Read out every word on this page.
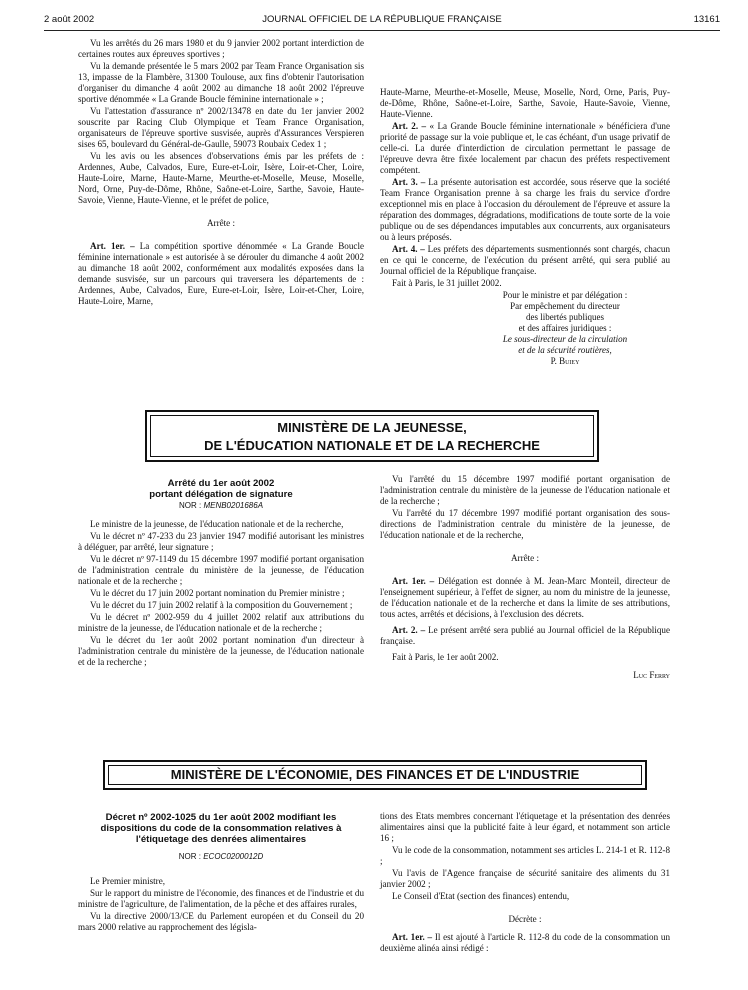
2 août 2002	JOURNAL OFFICIEL DE LA RÉPUBLIQUE FRANÇAISE	13161

Vu les arrêtés du 26 mars 1980 et du 9 janvier 2002 portant interdiction de certaines routes aux épreuves sportives ;

Vu la demande présentée le 5 mars 2002 par Team France Organisation sis 13, impasse de la Flambère, 31300 Toulouse, aux fins d'obtenir l'autorisation d'organiser du dimanche 4 août 2002 au dimanche 18 août 2002 l'épreuve sportive dénommée « La Grande Boucle féminine internationale » ;

Vu l'attestation d'assurance nº 2002/13478 en date du 1er janvier 2002 souscrite par Racing Club Olympique et Team France Organisation, organisateurs de l'épreuve sportive susvisée, auprès d'Assurances Verspieren sises 65, boulevard du Général-de-Gaulle, 59073 Roubaix Cedex 1 ;

Vu les avis ou les absences d'observations émis par les préfets de : Ardennes, Aube, Calvados, Eure, Eure-et-Loir, Isère, Loir-et-Cher, Loire, Haute-Loire, Marne, Haute-Marne, Meurthe-et-Moselle, Meuse, Moselle, Nord, Orne, Puy-de-Dôme, Rhône, Saône-et-Loire, Sarthe, Savoie, Haute-Savoie, Vienne, Haute-Vienne, et le préfet de police,

Arrête :

Art. 1er. – La compétition sportive dénommée « La Grande Boucle féminine internationale » est autorisée à se dérouler du dimanche 4 août 2002 au dimanche 18 août 2002, conformément aux modalités exposées dans la demande susvisée, sur un parcours qui traversera les départements de : Ardennes, Aube, Calvados, Eure, Eure-et-Loir, Isère, Loir-et-Cher, Loire, Haute-Loire, Marne,

Haute-Marne, Meurthe-et-Moselle, Meuse, Moselle, Nord, Orne, Paris, Puy-de-Dôme, Rhône, Saône-et-Loire, Sarthe, Savoie, Haute-Savoie, Vienne, Haute-Vienne.

Art. 2. – « La Grande Boucle féminine internationale » bénéficiera d'une priorité de passage sur la voie publique et, le cas échéant, d'un usage privatif de celle-ci. La durée d'interdiction de circulation permettant le passage de l'épreuve devra être fixée localement par chacun des préfets respectivement compétent.

Art. 3. – La présente autorisation est accordée, sous réserve que la société Team France Organisation prenne à sa charge les frais du service d'ordre exceptionnel mis en place à l'occasion du déroulement de l'épreuve et assure la réparation des dommages, dégradations, modifications de toute sorte de la voie publique ou de ses dépendances imputables aux concurrents, aux organisateurs ou à leurs préposés.

Art. 4. – Les préfets des départements susmentionnés sont chargés, chacun en ce qui le concerne, de l'exécution du présent arrêté, qui sera publié au Journal officiel de la République française.

Fait à Paris, le 31 juillet 2002.

Pour le ministre et par délégation :
Par empêchement du directeur
des libertés publiques
et des affaires juridiques :
Le sous-directeur de la circulation
et de la sécurité routières,
P. Buiey
MINISTÈRE DE LA JEUNESSE,
DE L'ÉDUCATION NATIONALE ET DE LA RECHERCHE
Arrêté du 1er août 2002
portant délégation de signature
NOR : MENB0201686A

Le ministre de la jeunesse, de l'éducation nationale et de la recherche,

Vu le décret nº 47-233 du 23 janvier 1947 modifié autorisant les ministres à déléguer, par arrêté, leur signature ;

Vu le décret nº 97-1149 du 15 décembre 1997 modifié portant organisation de l'administration centrale du ministère de la jeunesse, de l'éducation nationale et de la recherche ;

Vu le décret du 17 juin 2002 portant nomination du Premier ministre ;

Vu le décret du 17 juin 2002 relatif à la composition du Gouvernement ;

Vu le décret nº 2002-959 du 4 juillet 2002 relatif aux attributions du ministre de la jeunesse, de l'éducation nationale et de la recherche ;

Vu le décret du 1er août 2002 portant nomination d'un directeur à l'administration centrale du ministère de la jeunesse, de l'éducation nationale et de la recherche ;

Vu l'arrêté du 15 décembre 1997 modifié portant organisation de l'administration centrale du ministère de la jeunesse de l'éducation nationale et de la recherche ;

Vu l'arrêté du 17 décembre 1997 modifié portant organisation des sous-directions de l'administration centrale du ministère de la jeunesse, de l'éducation nationale et de la recherche,

Arrête :

Art. 1er. – Délégation est donnée à M. Jean-Marc Monteil, directeur de l'enseignement supérieur, à l'effet de signer, au nom du ministre de la jeunesse, de l'éducation nationale et de la recherche et dans la limite de ses attributions, tous actes, arrêtés et décisions, à l'exclusion des décrets.

Art. 2. – Le présent arrêté sera publié au Journal officiel de la République française.

Fait à Paris, le 1er août 2002.

Luc Ferry
MINISTÈRE DE L'ÉCONOMIE, DES FINANCES ET DE L'INDUSTRIE
Décret nº 2002-1025 du 1er août 2002 modifiant les dispositions du code de la consommation relatives à l'étiquetage des denrées alimentaires
NOR : ECOC0200012D

Le Premier ministre,

Sur le rapport du ministre de l'économie, des finances et de l'industrie et du ministre de l'agriculture, de l'alimentation, de la pêche et des affaires rurales,

Vu la directive 2000/13/CE du Parlement européen et du Conseil du 20 mars 2000 relative au rapprochement des législa-

tions des Etats membres concernant l'étiquetage et la présentation des denrées alimentaires ainsi que la publicité faite à leur égard, et notamment son article 16 ;

Vu le code de la consommation, notamment ses articles L. 214-1 et R. 112-8 ;

Vu l'avis de l'Agence française de sécurité sanitaire des aliments du 31 janvier 2002 ;

Le Conseil d'Etat (section des finances) entendu,

Décrète :

Art. 1er. – Il est ajouté à l'article R. 112-8 du code de la consommation un deuxième alinéa ainsi rédigé :
